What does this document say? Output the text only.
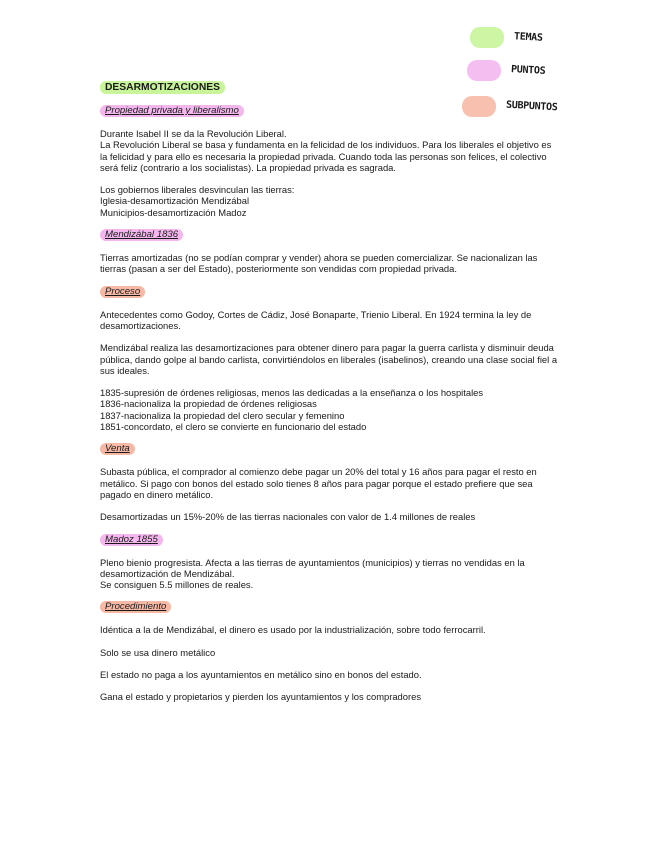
TEMAS
PUNTOS
SUBPUNTOS
DESARMOTIZACIONES
Propiedad privada y liberalismo

Durante Isabel II se da la Revolución Liberal.

La Revolución Liberal se basa y fundamenta en la felicidad de los individuos. Para los liberales el objetivo es la felicidad y para ello es necesaria la propiedad privada. Cuando toda las personas son felices, el colectivo será feliz (contrario a los socialistas). La propiedad privada es sagrada.

Los gobiernos liberales desvinculan las tierras:

Iglesia-desamortización Mendizábal

Municipios-desamortización Madoz

Mendizábal 1836

Tierras amortizadas (no se podían comprar y vender) ahora se pueden comercializar. Se nacionalizan las tierras (pasan a ser del Estado), posteriormente son vendidas com propiedad privada.

Proceso

Antecedentes como Godoy, Cortes de Cádiz, José Bonaparte, Trienio Liberal. En 1924 termina la ley de desamortizaciones.

Mendizábal realiza las desamortizaciones para obtener dinero para pagar la guerra carlista y disminuir deuda pública, dando golpe al bando carlista, convirtiéndolos en liberales (isabelinos), creando una clase social fiel a sus ideales.

1835-supresión de órdenes religiosas, menos las dedicadas a la enseñanza o los hospitales

1836-nacionaliza la propiedad de órdenes religiosas

1837-nacionaliza la propiedad del clero secular y femenino

1851-concordato, el clero se convierte en funcionario del estado

Venta

Subasta pública, el comprador al comienzo debe pagar un 20% del total y 16 años para pagar el resto en metálico. Si pago con bonos del estado solo tienes 8 años para pagar porque el estado prefiere que sea pagado en dinero metálico.

Desamortizadas un 15%-20% de las tierras nacionales con valor de 1.4 millones de reales

Madoz 1855

Pleno bienio progresista. Afecta a las tierras de ayuntamientos (municipios) y tierras no vendidas en la desamortización de Mendizábal.

Se consiguen 5.5 millones de reales.

Procedimiento

Idéntica a la de Mendizábal, el dinero es usado por la industrialización, sobre todo ferrocarril.

Solo se usa dinero metálico

El estado no paga a los ayuntamientos en metálico sino en bonos del estado.

Gana el estado y propietarios y pierden los ayuntamientos y los compradores
